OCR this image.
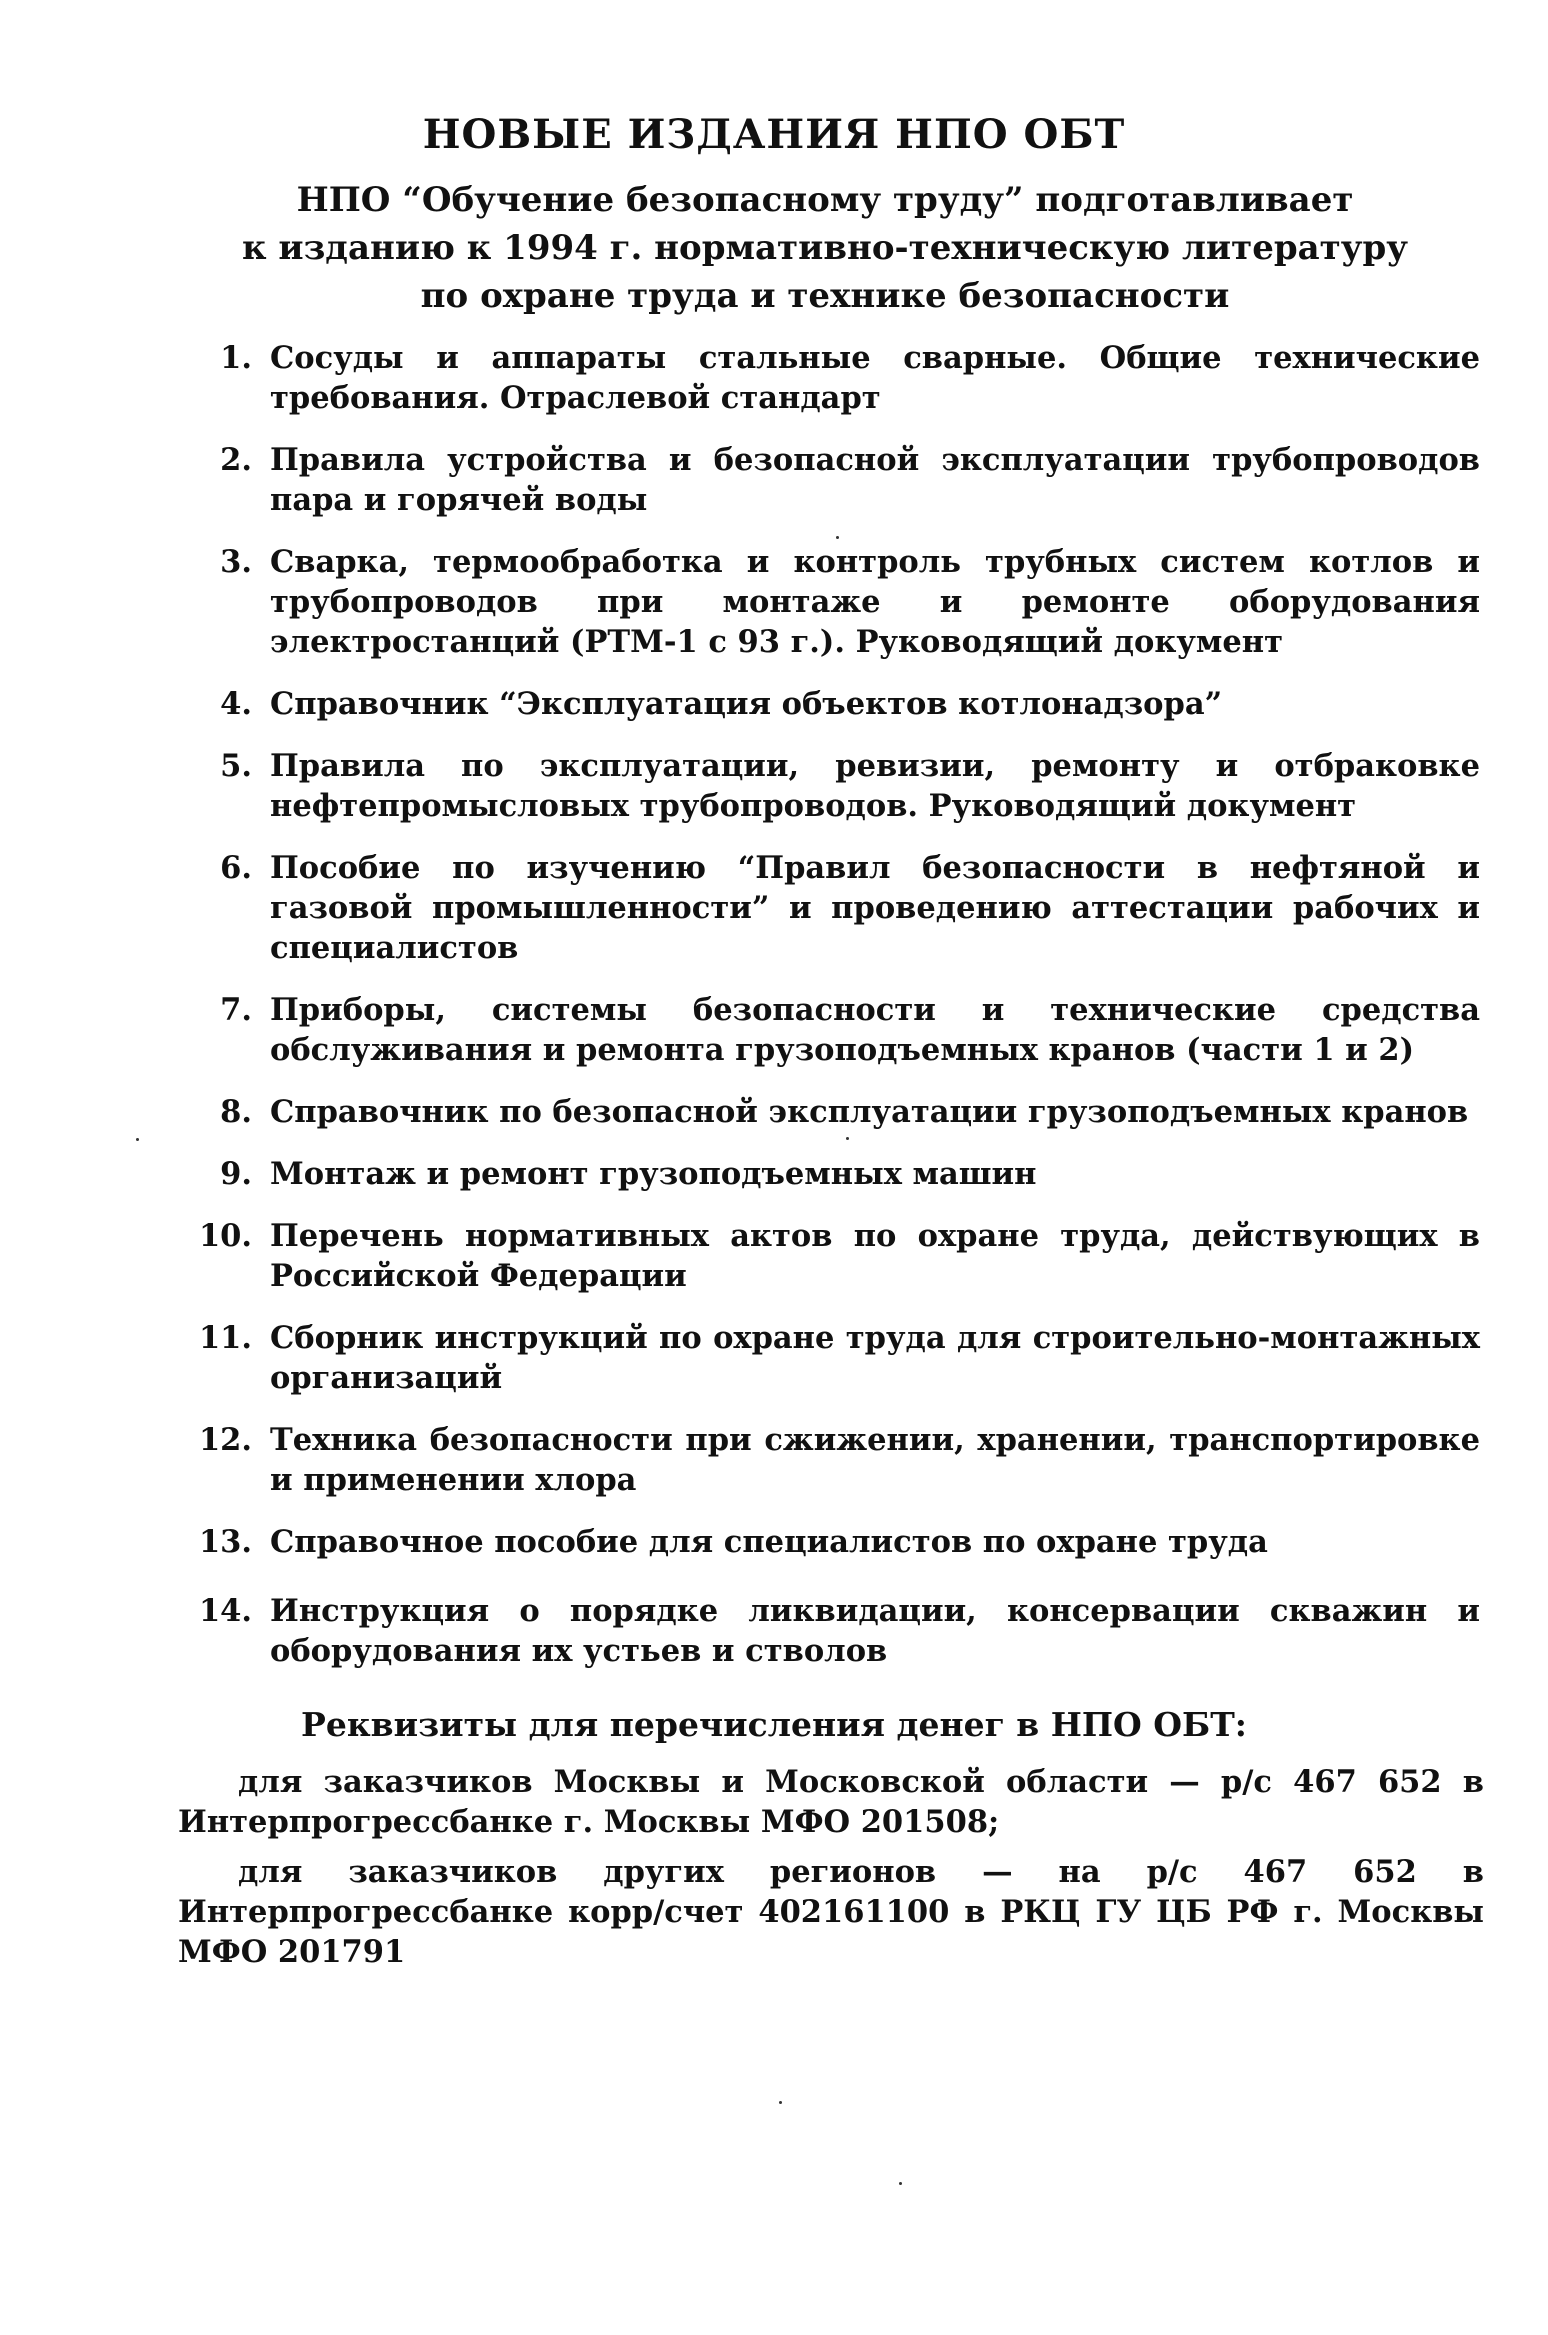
НОВЫЕ ИЗДАНИЯ НПО ОБТ
НПО “Обучение безопасному труду” подготавливает
к изданию к 1994 г. нормативно-техническую литературу
по охране труда и технике безопасности
1. Сосуды и аппараты стальные сварные. Общие технические требования. Отраслевой стандарт
2. Правила устройства и безопасной эксплуатации трубопроводов пара и горячей воды
3. Сварка, термообработка и контроль трубных систем котлов и трубопроводов при монтаже и ремонте оборудования электростанций (РТМ-1 с 93 г.). Руководящий документ
4. Справочник “Эксплуатация объектов котлонадзора”
5. Правила по эксплуатации, ревизии, ремонту и отбраковке нефтепромысловых трубопроводов. Руководящий документ
6. Пособие по изучению “Правил безопасности в нефтяной и газовой промышленности” и проведению аттестации рабочих и специалистов
7. Приборы, системы безопасности и технические средства обслуживания и ремонта грузоподъемных кранов (части 1 и 2)
8. Справочник по безопасной эксплуатации грузоподъемных кранов
9. Монтаж и ремонт грузоподъемных машин
10. Перечень нормативных актов по охране труда, действующих в Российской Федерации
11. Сборник инструкций по охране труда для строительно-монтажных организаций
12. Техника безопасности при сжижении, хранении, транспортировке и применении хлора
13. Справочное пособие для специалистов по охране труда
14. Инструкция о порядке ликвидации, консервации скважин и оборудования их устьев и стволов
Реквизиты для перечисления денег в НПО ОБТ:

для заказчиков Москвы и Московской области — р/с 467 652 в Интерпрогрессбанке г. Москвы МФО 201508;

для заказчиков других регионов — на р/с 467 652 в Интерпрогрессбанке корр/счет 402161100 в РКЦ ГУ ЦБ РФ г. Москвы МФО 201791
